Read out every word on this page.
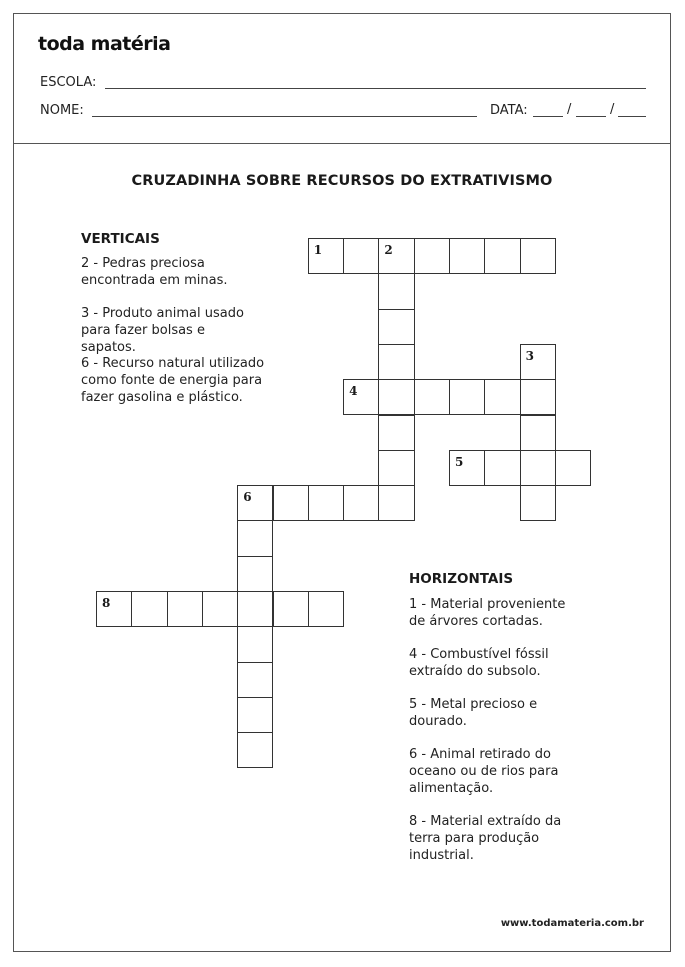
toda matéria
ESCOLA:
NOME:	DATA:	/	/
CRUZADINHA SOBRE RECURSOS DO EXTRATIVISMO
VERTICAIS
2 - Pedras preciosa encontrada em minas.
3 - Produto animal usado para fazer bolsas e sapatos.
6 - Recurso natural utilizado como fonte de energia para fazer gasolina e plástico.
HORIZONTAIS
1 - Material proveniente de árvores cortadas.
4 - Combustível fóssil extraído do subsolo.
5 - Metal precioso e dourado.
6 - Animal retirado do oceano ou de rios para alimentação.
8 - Material extraído da terra para produção industrial.
www.todamateria.com.br
1	2
3
4
5
6
8
